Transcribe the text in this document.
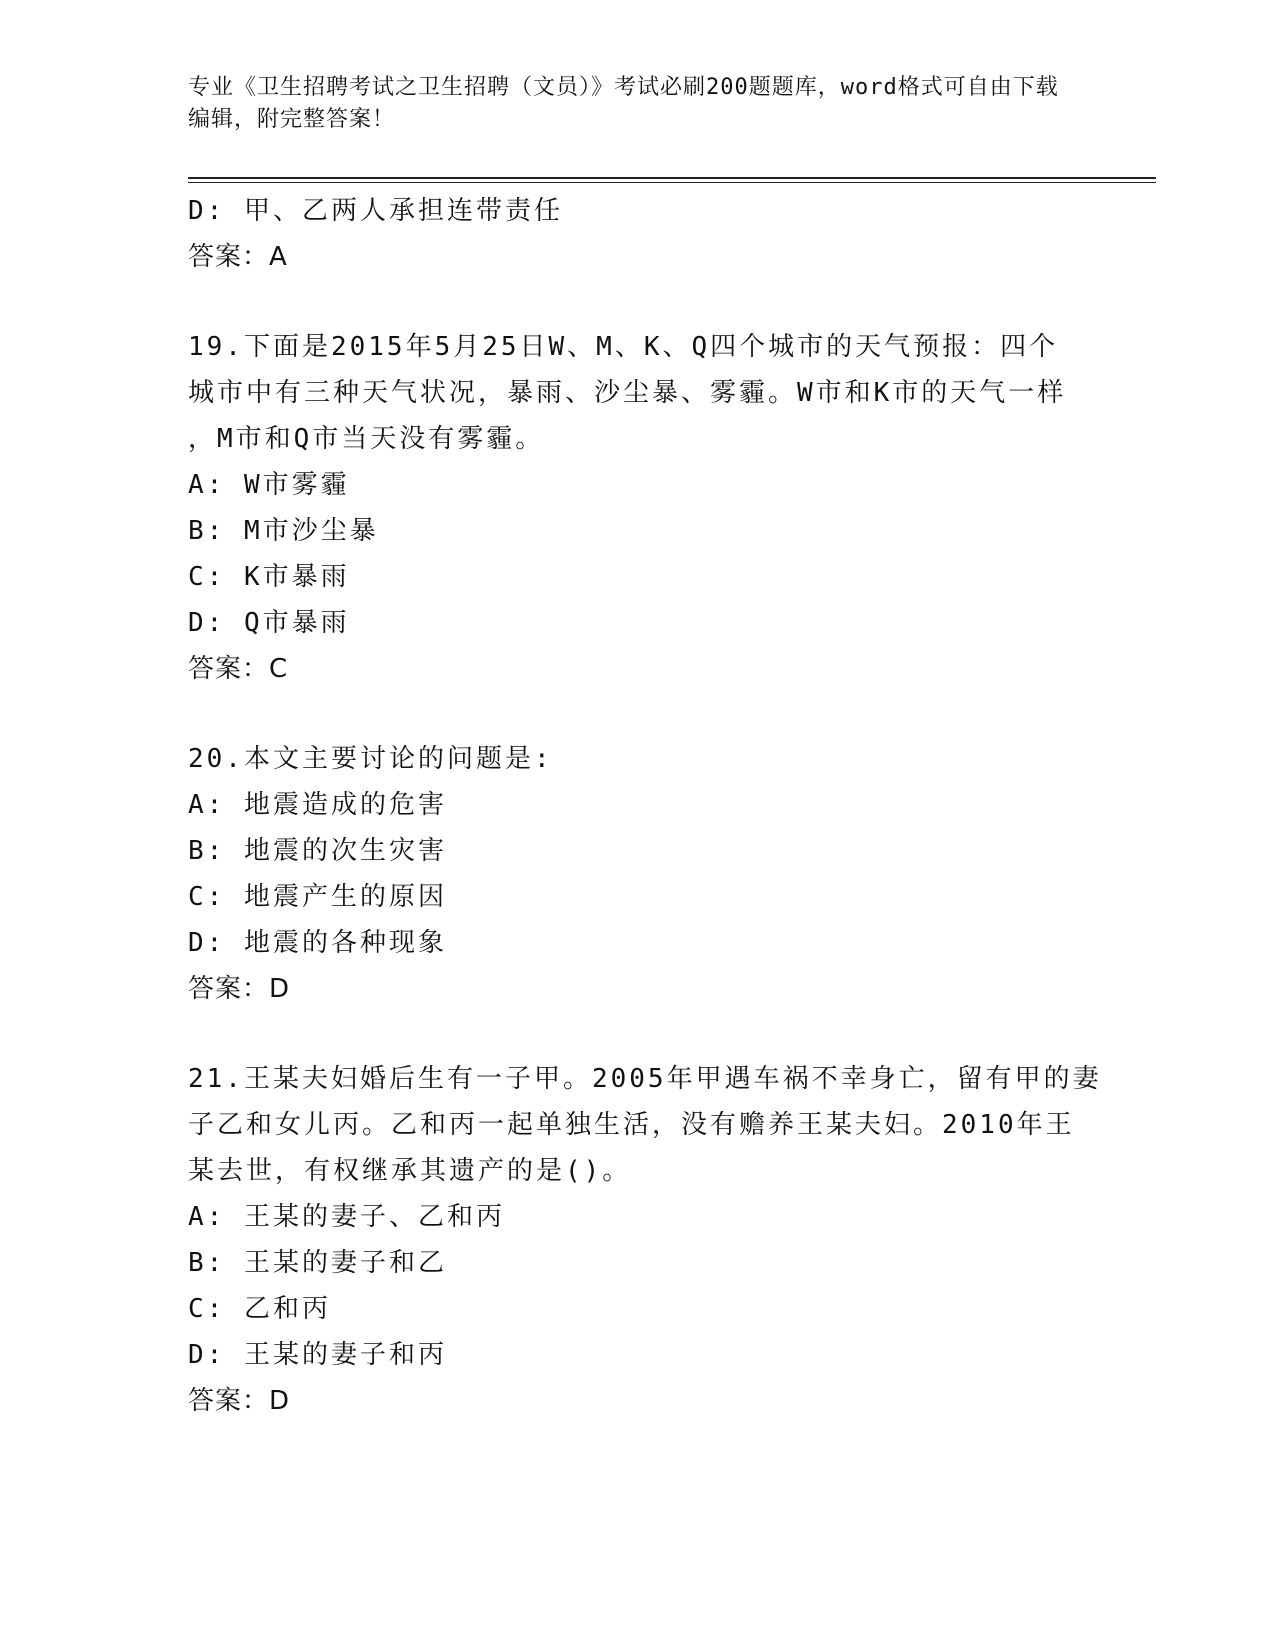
专业《卫生招聘考试之卫生招聘（文员）》考试必刷200题题库，word格式可自由下载编辑，附完整答案！
D: 甲、乙两人承担连带责任
答案：A
19.下面是2015年5月25日W、M、K、Q四个城市的天气预报：四个
城市中有三种天气状况，暴雨、沙尘暴、雾霾。W市和K市的天气一样
，M市和Q市当天没有雾霾。
A: W市雾霾
B: M市沙尘暴
C: K市暴雨
D: Q市暴雨
答案：C
20.本文主要讨论的问题是:
A: 地震造成的危害
B: 地震的次生灾害
C: 地震产生的原因
D: 地震的各种现象
答案：D
21.王某夫妇婚后生有一子甲。2005年甲遇车祸不幸身亡，留有甲的妻
子乙和女儿丙。乙和丙一起单独生活，没有赡养王某夫妇。2010年王
某去世，有权继承其遗产的是()。
A: 王某的妻子、乙和丙
B: 王某的妻子和乙
C: 乙和丙
D: 王某的妻子和丙
答案：D
